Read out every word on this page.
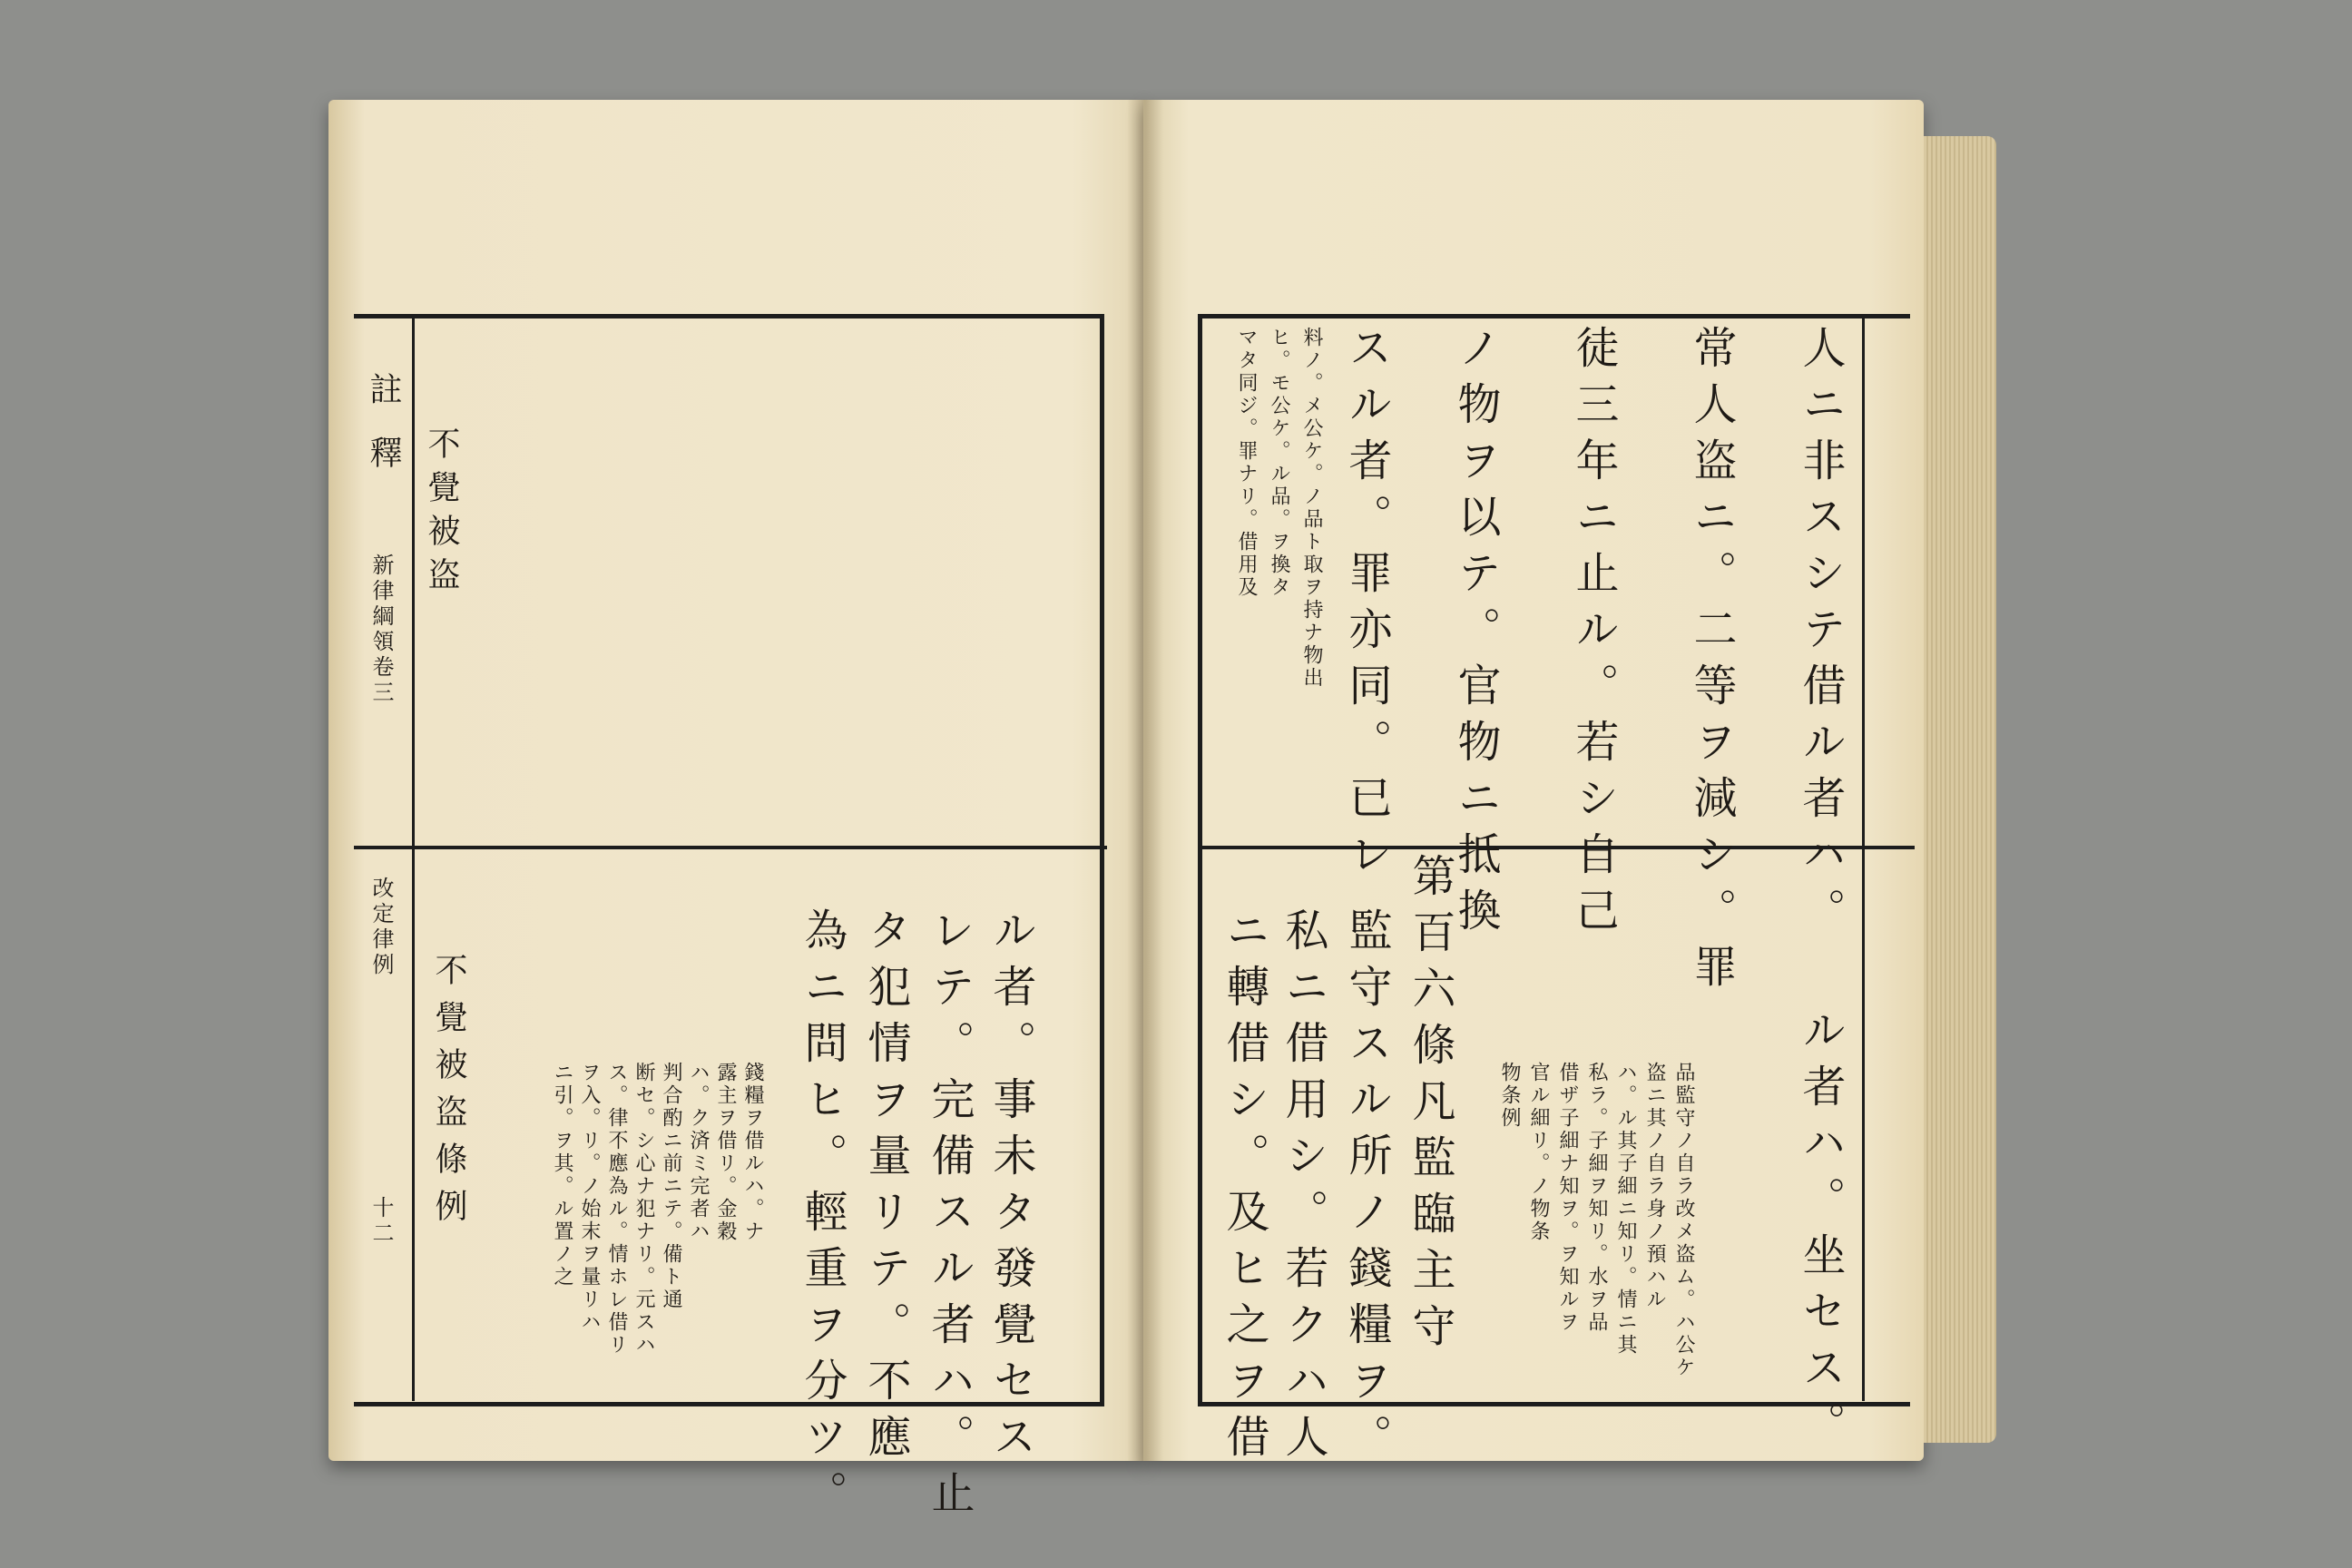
註
釋
新律綱領卷三
改定律例
十二
不覺被盗
不覺被盗條例	ニ引。ヲ其。ル置ノ之 ヲ入。リ。ノ始末ヲ量リハ ス。律不應為ル。情ホレ借リ 断セ。シ心ナ犯ナリ。元スハ 判合酌ニ前ニテ。備ト通 ハ。ク済ミ完者ハ 露主ヲ借リ。金穀 錢糧ヲ借ルハ。ナ 為ニ問ヒ。輕重ヲ分ツ。 タ犯情ヲ量リテ。不應 レテ。完備スル者ハ。止 ル者。事未タ發覺セス
マタ同ジ。罪ナリ。借用及 ヒ。モ公ケ。ル品。ヲ換タ 料ノ。メ公ケ。ノ品ト取ヲ持ナ物出 スル者。罪亦同。已レ ノ物ヲ以テ。官物ニ抵換 徒三年ニ止ル。若シ自己 常人盗ニ。二等ヲ減シ。罪 人ニ非スシテ借ル者ハ。
ニ轉借シ。及ヒ之ヲ借 私ニ借用シ。若クハ人 監守スル所ノ錢糧ヲ。 第百六條凡監臨主守 物条例 官ル細リ。ノ物条 借ザ子細ナ知ヲ。ヲ知ルヲ 私ラ。子細ヲ知リ。水ヲ品 ハ。ル其子細ニ知リ。情ニ其 盗ニ其ノ自ラ身ノ預ハル 品監守ノ自ラ改メ盗ム。ハ公ケ ル者ハ。坐セス。
